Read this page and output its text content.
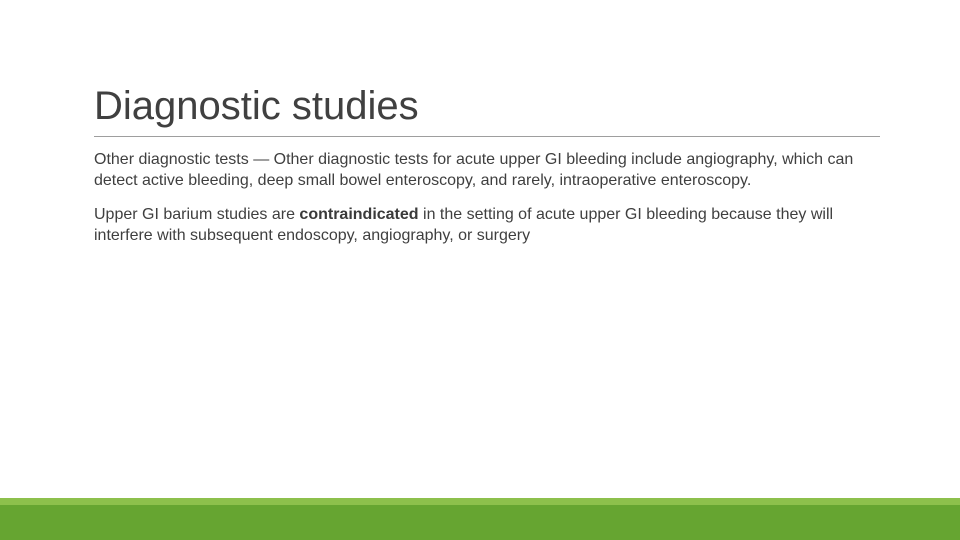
Diagnostic studies

Other diagnostic tests — Other diagnostic tests for acute upper GI bleeding include angiography, which can detect active bleeding, deep small bowel enteroscopy, and rarely, intraoperative enteroscopy.

Upper GI barium studies are contraindicated in the setting of acute upper GI bleeding because they will interfere with subsequent endoscopy, angiography, or surgery
